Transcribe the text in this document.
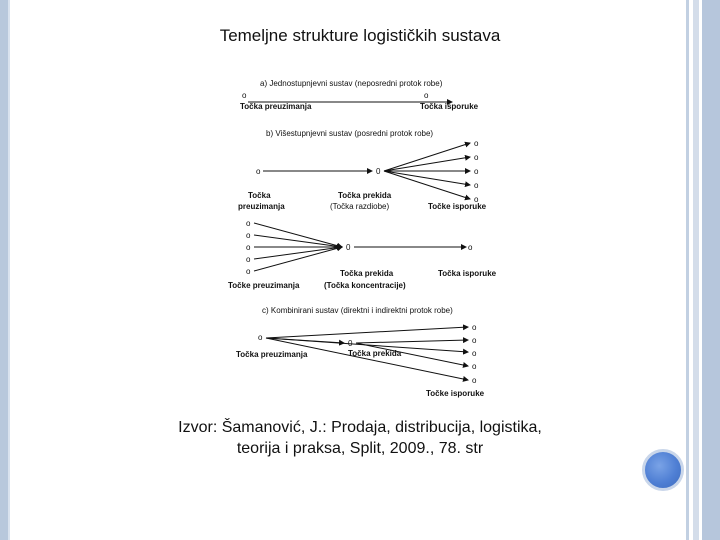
Temeljne strukture logističkih sustava
a) Jednostupnjevni sustav (neposredni protok robe)
o	o
Točka preuzimanja	Točka isporuke
b) Višestupnjevni sustav (posredni protok robe)
o	0
o
o
o
o
o
Točka
preuzimanja
Točka prekida
(Točka razdiobe)	Točke isporuke
o
o
o
o
o
0	o
Točke preuzimanja
Točka prekida
(Točka koncentracije)
Točka isporuke
c) Kombinirani sustav (direktni i indirektni protok robe)
o
o
o
o
o
o
Točka preuzimanja	Točka prekida
Točke isporuke
Izvor: Šamanović, J.: Prodaja, distribucija, logistika,
teorija i praksa, Split, 2009., 78. str
